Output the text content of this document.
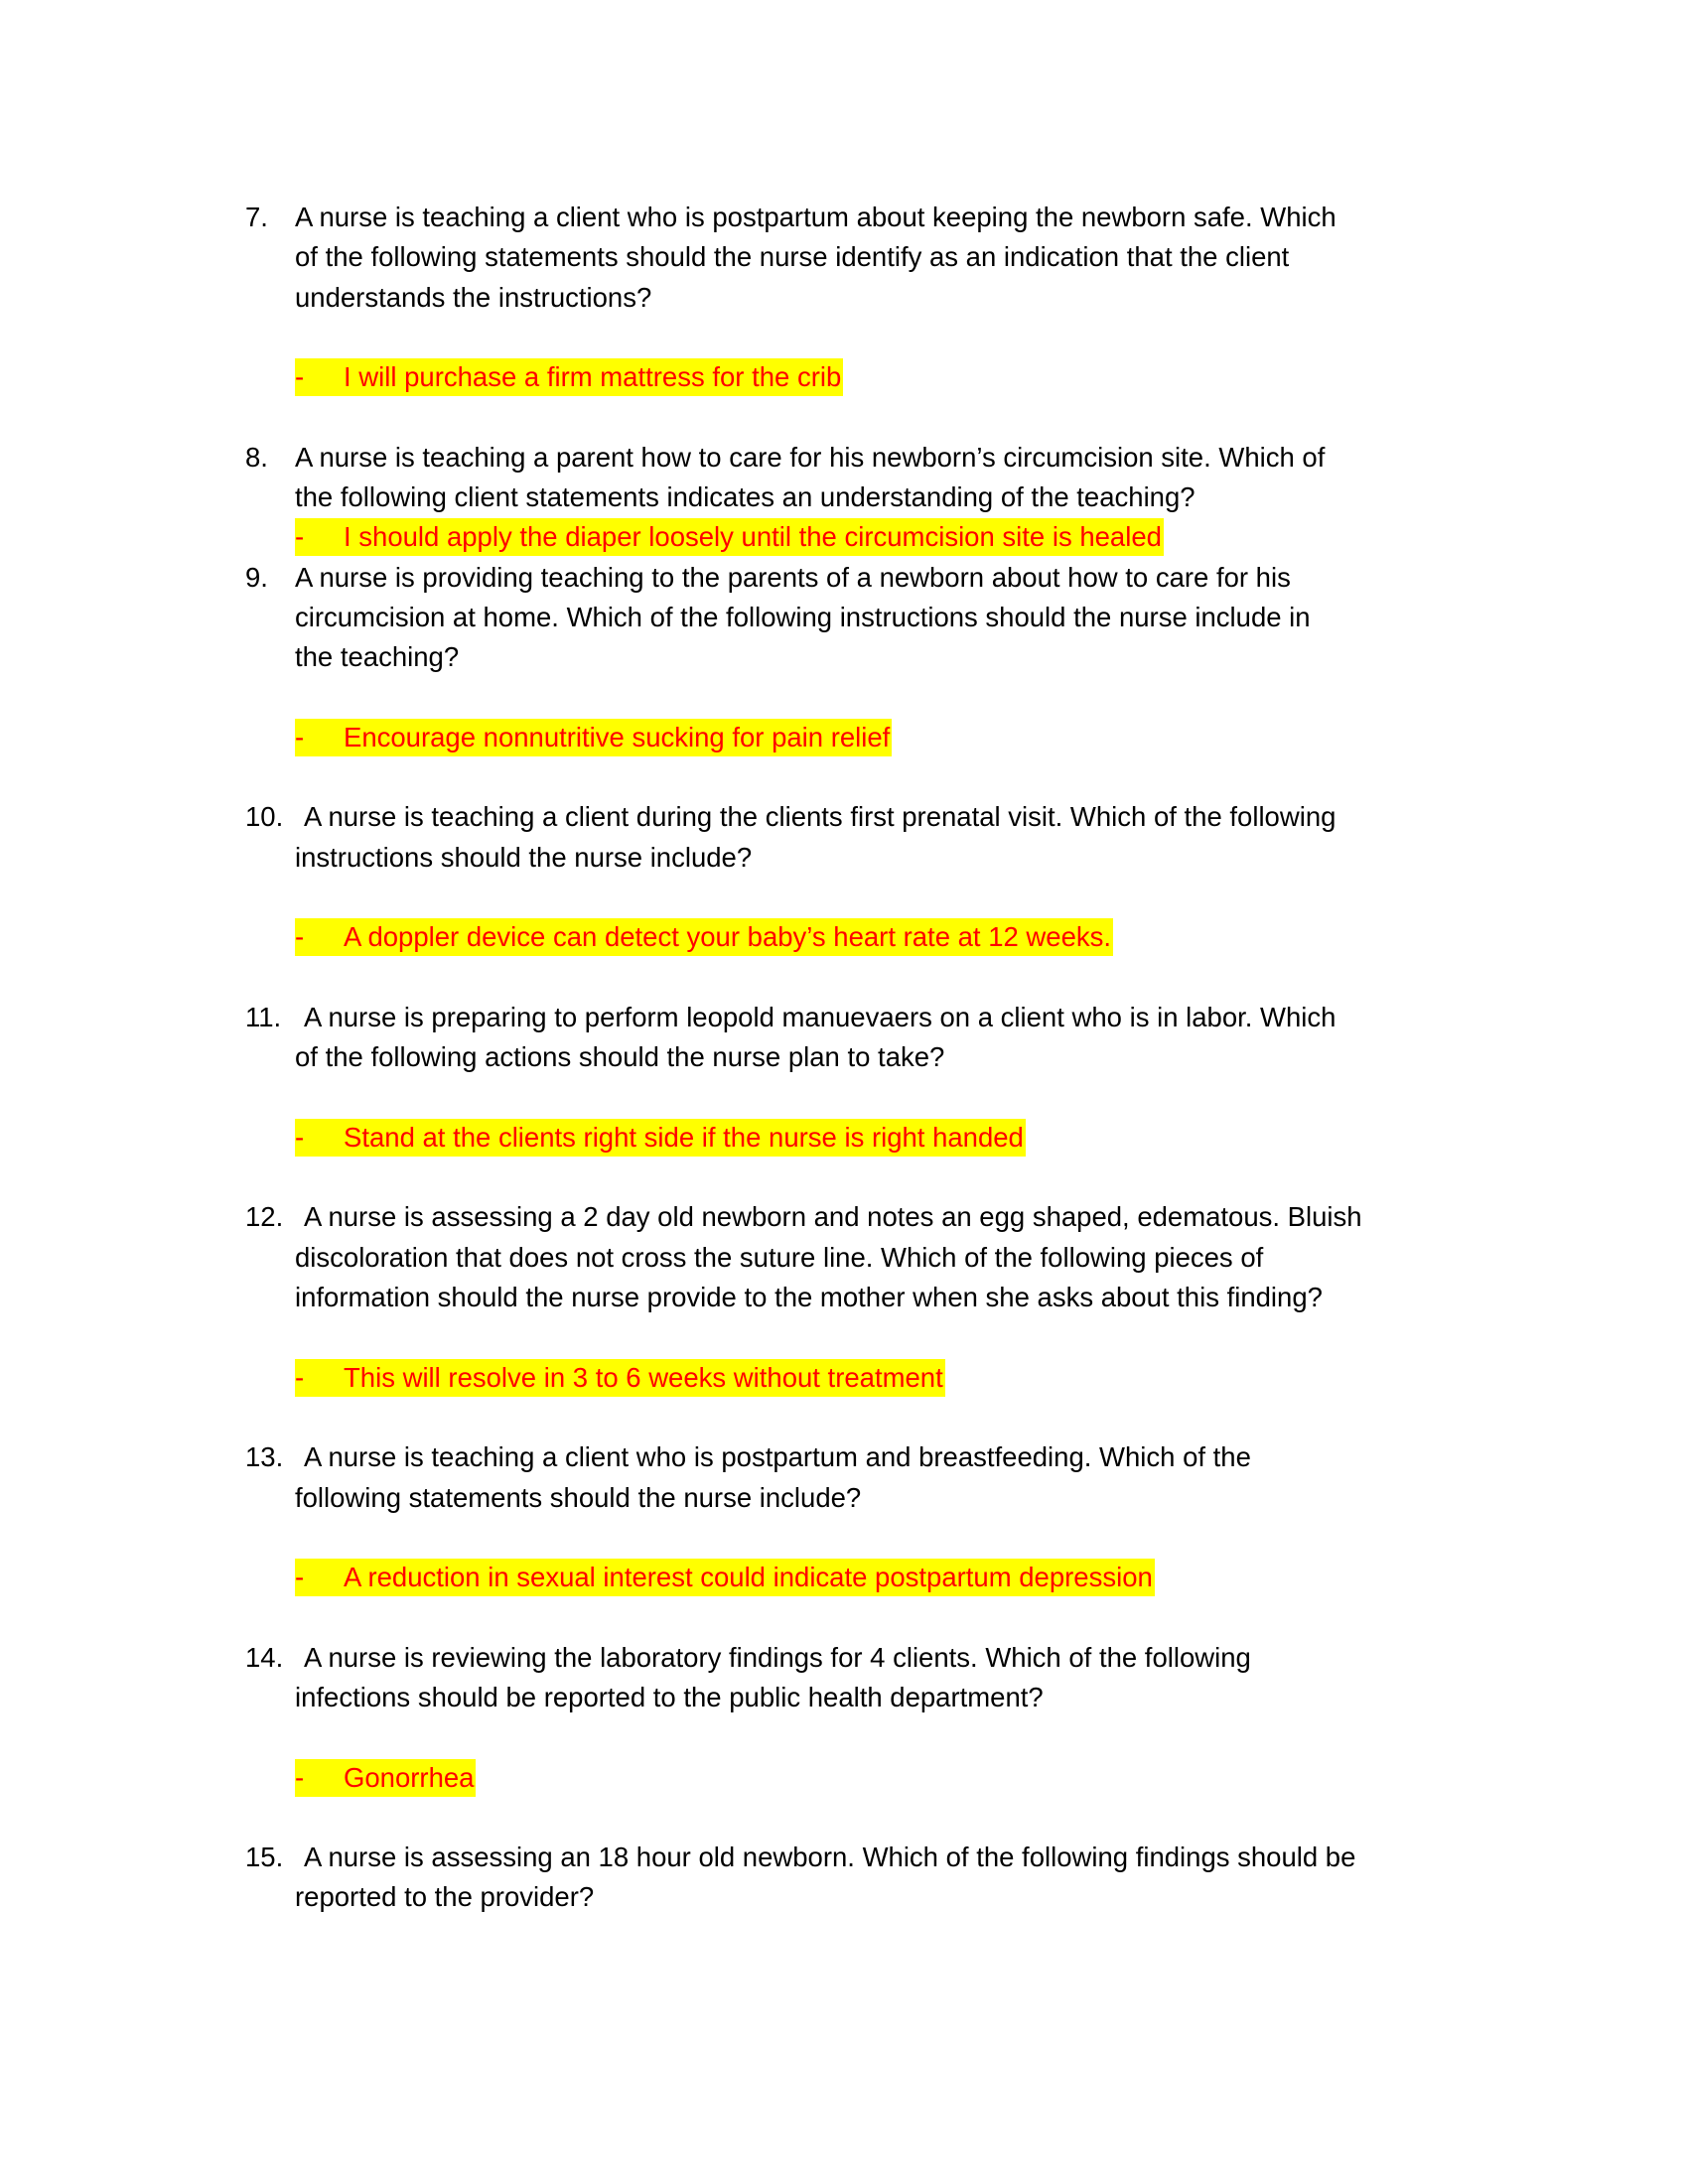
7. A nurse is teaching a client who is postpartum about keeping the newborn safe. Which
of the following statements should the nurse identify as an indication that the client
understands the instructions?
- I will purchase a firm mattress for the crib
8. A nurse is teaching a parent how to care for his newborn’s circumcision site. Which of
the following client statements indicates an understanding of the teaching?
- I should apply the diaper loosely until the circumcision site is healed
9. A nurse is providing teaching to the parents of a newborn about how to care for his
circumcision at home. Which of the following instructions should the nurse include in
the teaching?
- Encourage nonnutritive sucking for pain relief
10. A nurse is teaching a client during the clients first prenatal visit. Which of the following
instructions should the nurse include?
- A doppler device can detect your baby’s heart rate at 12 weeks.
11. A nurse is preparing to perform leopold manuevaers on a client who is in labor. Which
of the following actions should the nurse plan to take?
- Stand at the clients right side if the nurse is right handed
12. A nurse is assessing a 2 day old newborn and notes an egg shaped, edematous. Bluish
discoloration that does not cross the suture line. Which of the following pieces of
information should the nurse provide to the mother when she asks about this finding?
- This will resolve in 3 to 6 weeks without treatment
13. A nurse is teaching a client who is postpartum and breastfeeding. Which of the
following statements should the nurse include?
- A reduction in sexual interest could indicate postpartum depression
14. A nurse is reviewing the laboratory findings for 4 clients. Which of the following
infections should be reported to the public health department?
- Gonorrhea
15. A nurse is assessing an 18 hour old newborn. Which of the following findings should be
reported to the provider?
